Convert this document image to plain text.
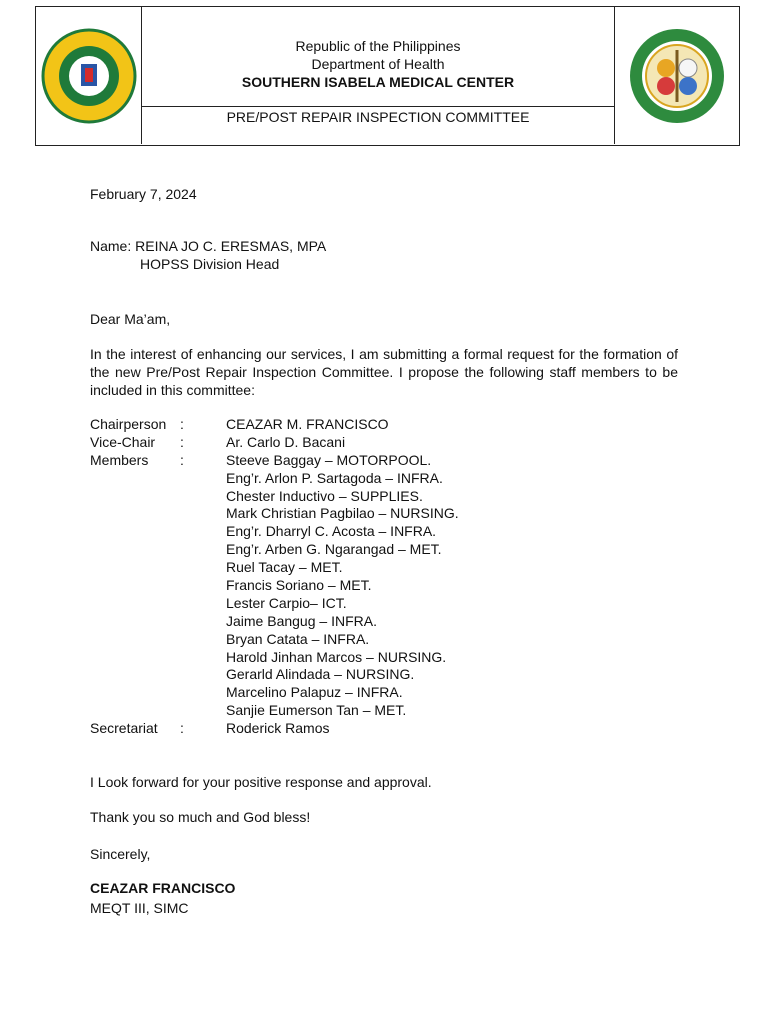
Republic of the Philippines
Department of Health
SOUTHERN ISABELA MEDICAL CENTER
PRE/POST REPAIR INSPECTION COMMITTEE
February 7, 2024
Name: REINA JO C. ERESMAS, MPA
HOPSS Division Head
Dear Ma’am,
In the interest of enhancing our services, I am submitting a formal request for the formation of the new Pre/Post Repair Inspection Committee. I propose the following staff members to be included in this committee:
Chairperson :	CEAZAR M. FRANCISCO
Vice-Chair :	Ar. Carlo D. Bacani
Members :	Steeve Baggay – MOTORPOOL.
Eng’r. Arlon P. Sartagoda – INFRA.
Chester Inductivo – SUPPLIES.
Mark Christian Pagbilao – NURSING.
Eng’r. Dharryl C. Acosta – INFRA.
Eng’r. Arben G. Ngarangad – MET.
Ruel Tacay – MET.
Francis Soriano – MET.
Lester Carpio– ICT.
Jaime Bangug – INFRA.
Bryan Catata – INFRA.
Harold Jinhan Marcos – NURSING.
Gerarld Alindada – NURSING.
Marcelino Palapuz – INFRA.
Sanjie Eumerson Tan – MET.
Secretariat :	Roderick Ramos
I Look forward for your positive response and approval.
Thank you so much and God bless!
Sincerely,
CEAZAR FRANCISCO
MEQT III, SIMC
